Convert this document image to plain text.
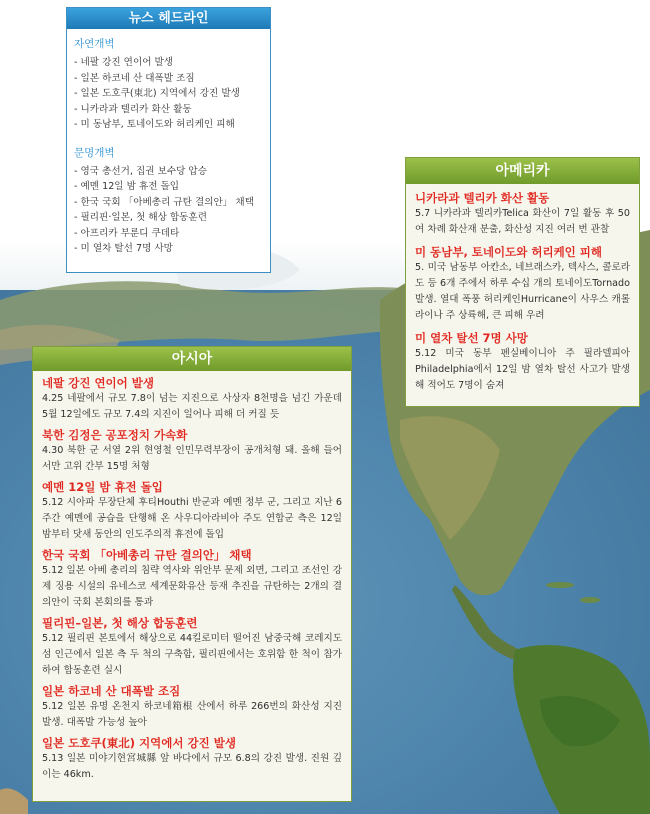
뉴스 헤드라인
자연개벽
- 네팔 강진 연이어 발생
- 일본 하코네 산 대폭발 조짐
- 일본 도호쿠(東北) 지역에서 강진 발생
- 니카라과 텔리카 화산 활동
- 미 동남부, 토네이도와 허리케인 피해
문명개벽
- 영국 총선거, 집권 보수당 압승
- 예멘 12일 밤 휴전 돌입
- 한국 국회 「아베총리 규탄 결의안」 채택
- 필리핀·일본, 첫 해상 합동훈련
- 아프리카 부룬디 쿠데타
- 미 열차 탈선 7명 사망
아메리카
니카라과 텔리카 화산 활동
5.7 니카라과 텔리카Telica 화산이 7일 활동 후 50여 차례 화산재 분출, 화산성 지진 여러 번 관찰
미 동남부, 토네이도와 허리케인 피해
5. 미국 남동부 아칸소, 네브래스카, 텍사스, 콜로라도 등 6개 주에서 하루 수십 개의 토네이도Tornado 발생. 열대 폭풍 허리케인Hurricane이 사우스 캐롤라이나 주 상륙해, 큰 피해 우려
미 열차 탈선 7명 사망
5.12 미국 동부 펜실베이니아 주 필라델피아 Philadelphia에서 12일 밤 열차 탈선 사고가 발생해 적어도 7명이 숨져
아시아
네팔 강진 연이어 발생
4.25 네팔에서 규모 7.8이 넘는 지진으로 사상자 8천명을 넘긴 가운데 5월 12일에도 규모 7.4의 지진이 일어나 피해 더 커질 듯
북한 김정은 공포정치 가속화
4.30 북한 군 서열 2위 현영철 인민무력부장이 공개처형 돼. 올해 들어서만 고위 간부 15명 처형
예멘 12일 밤 휴전 돌입
5.12 시아파 무장단체 후티Houthi 반군과 예멘 정부 군, 그리고 지난 6주간 예멘에 공습을 단행해 온 사우디아라비아 주도 연합군 측은 12일 밤부터 닷새 동안의 인도주의적 휴전에 돌입
한국 국회 「아베총리 규탄 결의안」 채택
5.12 일본 아베 총리의 침략 역사와 위안부 문제 외면, 그리고 조선인 강제 징용 시설의 유네스코 세계문화유산 등재 추진을 규탄하는 2개의 결의안이 국회 본회의를 통과
필리핀–일본, 첫 해상 합동훈련
5.12 필리핀 본토에서 해상으로 44킬로미터 떨어진 남중국해 코레지도섬 인근에서 일본 측 두 척의 구축함, 필리핀에서는 호위함 한 척이 참가하여 합동훈련 실시
일본 하코네 산 대폭발 조짐
5.12 일본 유명 온천지 하코네箱根 산에서 하루 266번의 화산성 지진 발생. 대폭발 가능성 높아
일본 도호쿠(東北) 지역에서 강진 발생
5.13 일본 미야기현宮城縣 앞 바다에서 규모 6.8의 강진 발생. 진원 깊이는 46km.
